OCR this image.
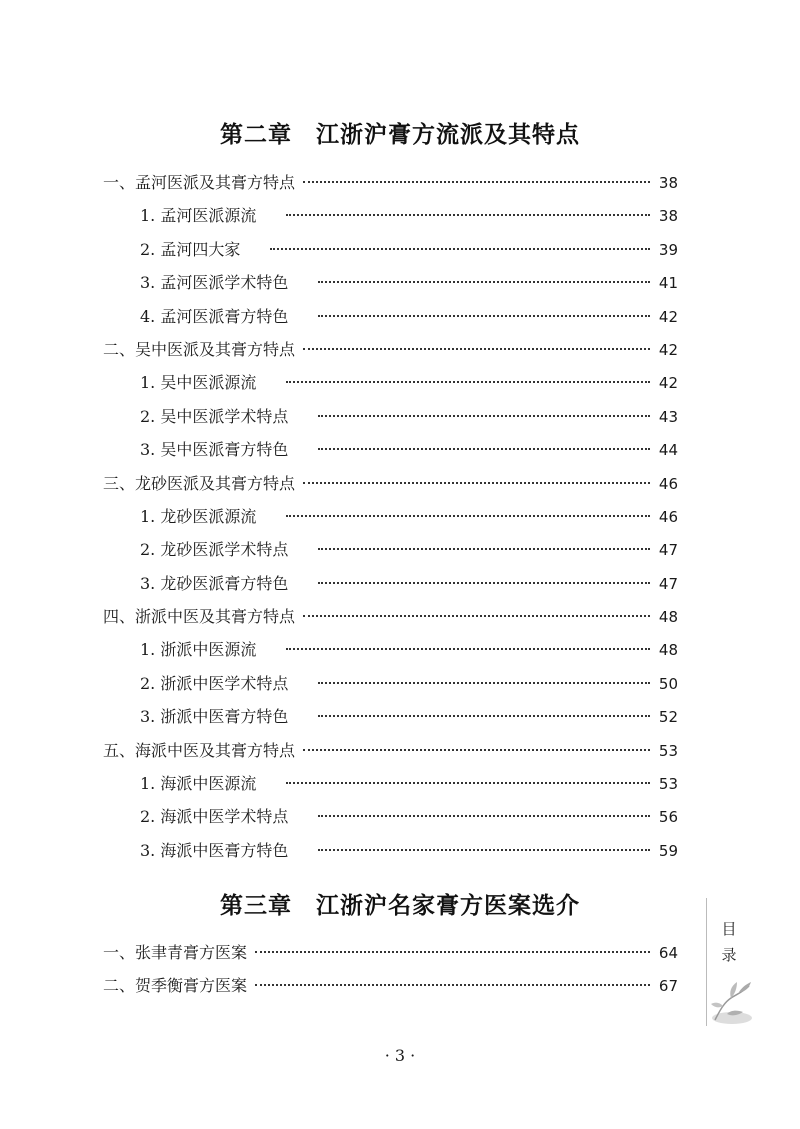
第二章　江浙沪膏方流派及其特点
一、孟河医派及其膏方特点	38
1. 孟河医派源流	38
2. 孟河四大家	39
3. 孟河医派学术特色	41
4. 孟河医派膏方特色	42
二、吴中医派及其膏方特点	42
1. 吴中医派源流	42
2. 吴中医派学术特点	43
3. 吴中医派膏方特色	44
三、龙砂医派及其膏方特点	46
1. 龙砂医派源流	46
2. 龙砂医派学术特点	47
3. 龙砂医派膏方特色	47
四、浙派中医及其膏方特点	48
1. 浙派中医源流	48
2. 浙派中医学术特点	50
3. 浙派中医膏方特色	52
五、海派中医及其膏方特点	53
1. 海派中医源流	53
2. 海派中医学术特点	56
3. 海派中医膏方特色	59
第三章　江浙沪名家膏方医案选介
一、张聿青膏方医案	64
二、贺季衡膏方医案	67
目
录
· 3 ·
